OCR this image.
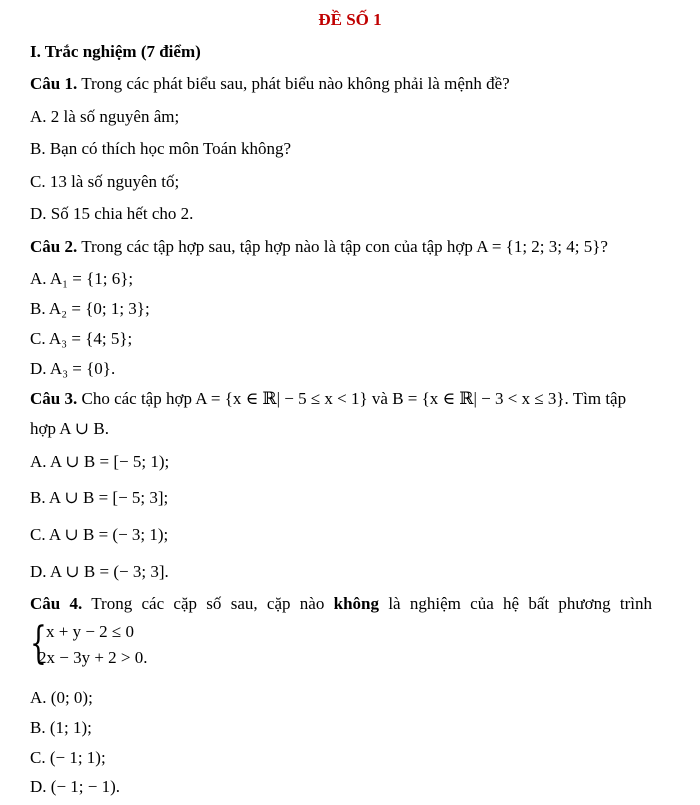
ĐỀ SỐ 1
I. Trắc nghiệm (7 điểm)
Câu 1. Trong các phát biểu sau, phát biểu nào không phải là mệnh đề?
A. 2 là số nguyên âm;
B. Bạn có thích học môn Toán không?
C. 13 là số nguyên tố;
D. Số 15 chia hết cho 2.
Câu 2. Trong các tập hợp sau, tập hợp nào là tập con của tập hợp A = {1; 2; 3; 4; 5}?
A. A₁ = {1; 6};
B. A₂ = {0; 1; 3};
C. A₃ = {4; 5};
D. A₃ = {0}.
Câu 3. Cho các tập hợp A = {x ∈ ℝ| − 5 ≤ x < 1} và B = {x ∈ ℝ| − 3 < x ≤ 3}. Tìm tập
hợp A ∪ B.
A. A ∪ B = [− 5; 1);
B. A ∪ B = [− 5; 3];
C. A ∪ B = (− 3; 1);
D. A ∪ B = (− 3; 3].
Câu 4. Trong các cặp số sau, cặp nào không là nghiệm của hệ bất phương trình
{ x + y − 2 ≤ 0
2x − 3y + 2 > 0.
A. (0; 0);
B. (1; 1);
C. (− 1; 1);
D. (− 1; − 1).
